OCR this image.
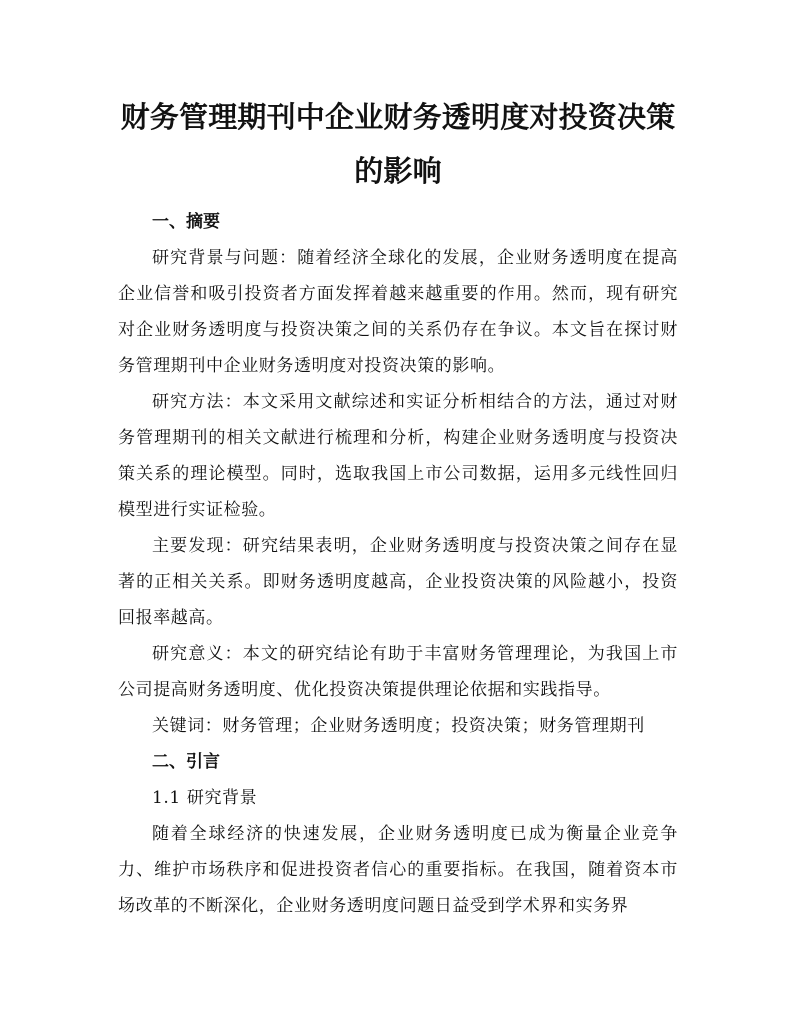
财务管理期刊中企业财务透明度对投资决策
的影响
一、摘要

研究背景与问题：随着经济全球化的发展，企业财务透明度在提高企业信誉和吸引投资者方面发挥着越来越重要的作用。然而，现有研究对企业财务透明度与投资决策之间的关系仍存在争议。本文旨在探讨财务管理期刊中企业财务透明度对投资决策的影响。

研究方法：本文采用文献综述和实证分析相结合的方法，通过对财务管理期刊的相关文献进行梳理和分析，构建企业财务透明度与投资决策关系的理论模型。同时，选取我国上市公司数据，运用多元线性回归模型进行实证检验。

主要发现：研究结果表明，企业财务透明度与投资决策之间存在显著的正相关关系。即财务透明度越高，企业投资决策的风险越小，投资回报率越高。

研究意义：本文的研究结论有助于丰富财务管理理论，为我国上市公司提高财务透明度、优化投资决策提供理论依据和实践指导。

关键词：财务管理；企业财务透明度；投资决策；财务管理期刊

二、引言

1.1 研究背景

随着全球经济的快速发展，企业财务透明度已成为衡量企业竞争力、维护市场秩序和促进投资者信心的重要指标。在我国，随着资本市场改革的不断深化，企业财务透明度问题日益受到学术界和实务界
